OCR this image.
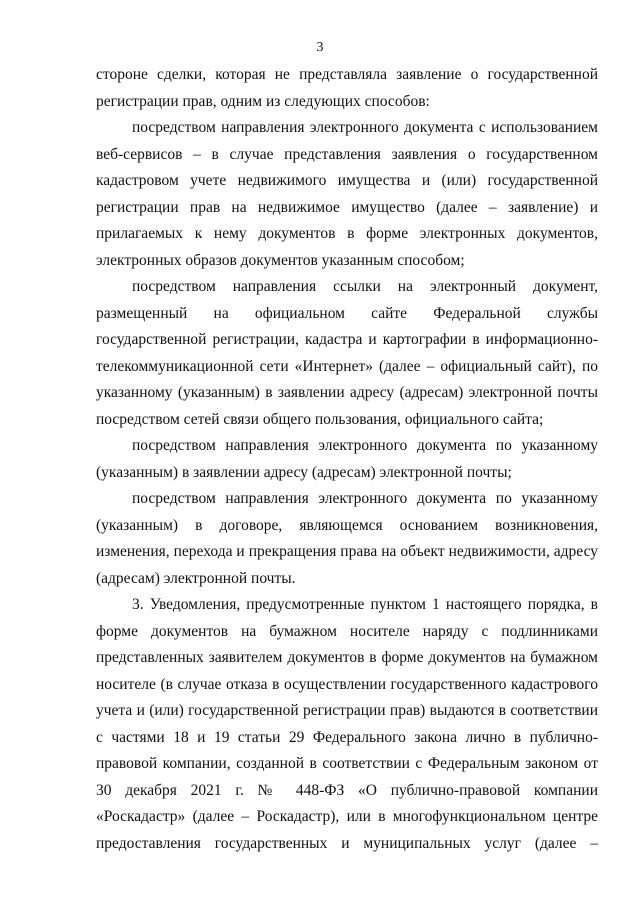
3

стороне сделки, которая не представляла заявление о государственной регистрации прав, одним из следующих способов:

посредством направления электронного документа с использованием веб-сервисов – в случае представления заявления о государственном кадастровом учете недвижимого имущества и (или) государственной регистрации прав на недвижимое имущество (далее – заявление) и прилагаемых к нему документов в форме электронных документов, электронных образов документов указанным способом;

посредством направления ссылки на электронный документ, размещенный на официальном сайте Федеральной службы государственной регистрации, кадастра и картографии в информационно-телекоммуникационной сети «Интернет» (далее – официальный сайт), по указанному (указанным) в заявлении адресу (адресам) электронной почты посредством сетей связи общего пользования, официального сайта;

посредством направления электронного документа по указанному (указанным) в заявлении адресу (адресам) электронной почты;

посредством направления электронного документа по указанному (указанным) в договоре, являющемся основанием возникновения, изменения, перехода и прекращения права на объект недвижимости, адресу (адресам) электронной почты.

3. Уведомления, предусмотренные пунктом 1 настоящего порядка, в форме документов на бумажном носителе наряду с подлинниками представленных заявителем документов в форме документов на бумажном носителе (в случае отказа в осуществлении государственного кадастрового учета и (или) государственной регистрации прав) выдаются в соответствии с частями 18 и 19 статьи 29 Федерального закона лично в публично-правовой компании, созданной в соответствии с Федеральным законом от 30 декабря 2021 г. № 448-ФЗ «О публично-правовой компании «Роскадастр» (далее – Роскадастр), или в многофункциональном центре предоставления государственных и муниципальных услуг (далее –
